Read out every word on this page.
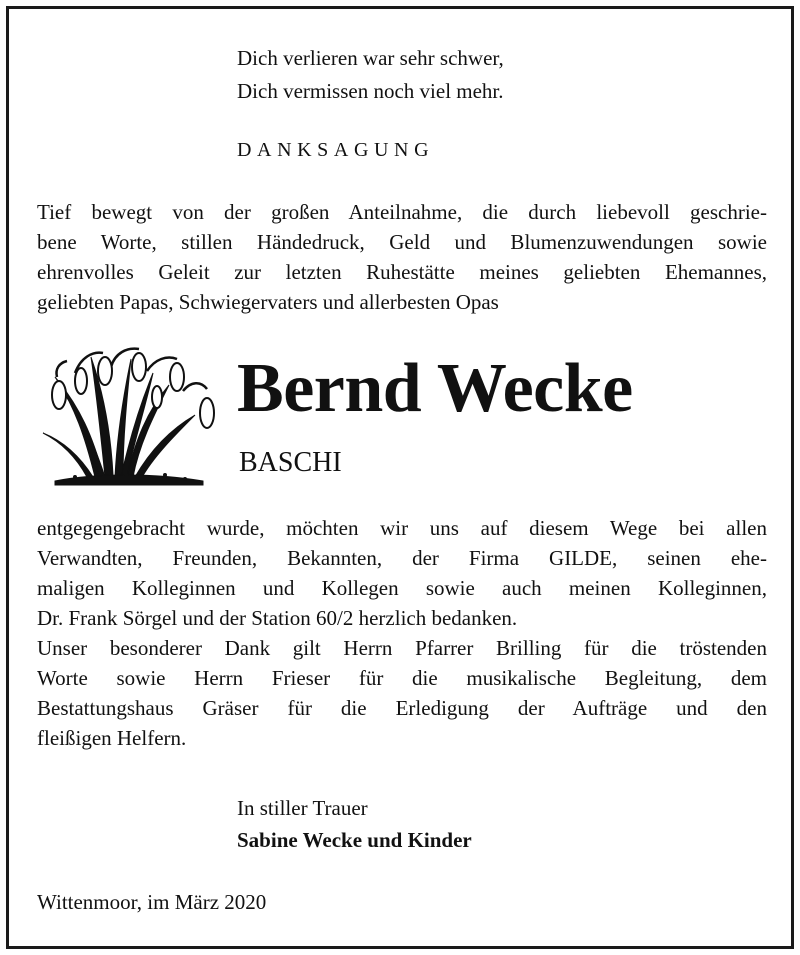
Dich verlieren war sehr schwer,
Dich vermissen noch viel mehr.
DANKSAGUNG
Tief bewegt von der großen Anteilnahme, die durch liebevoll geschrie-
bene Worte, stillen Händedruck, Geld und Blumenzuwendungen sowie
ehrenvolles Geleit zur letzten Ruhestätte meines geliebten Ehemannes,
geliebten Papas, Schwiegervaters und allerbesten Opas
Bernd Wecke
BASCHI
entgegengebracht wurde, möchten wir uns auf diesem Wege bei allen
Verwandten, Freunden, Bekannten, der Firma GILDE, seinen ehe-
maligen Kolleginnen und Kollegen sowie auch meinen Kolleginnen,
Dr. Frank Sörgel und der Station 60/2 herzlich bedanken.
Unser besonderer Dank gilt Herrn Pfarrer Brilling für die tröstenden
Worte sowie Herrn Frieser für die musikalische Begleitung, dem
Bestattungshaus Gräser für die Erledigung der Aufträge und den
fleißigen Helfern.
In stiller Trauer
Sabine Wecke und Kinder
Wittenmoor, im März 2020
